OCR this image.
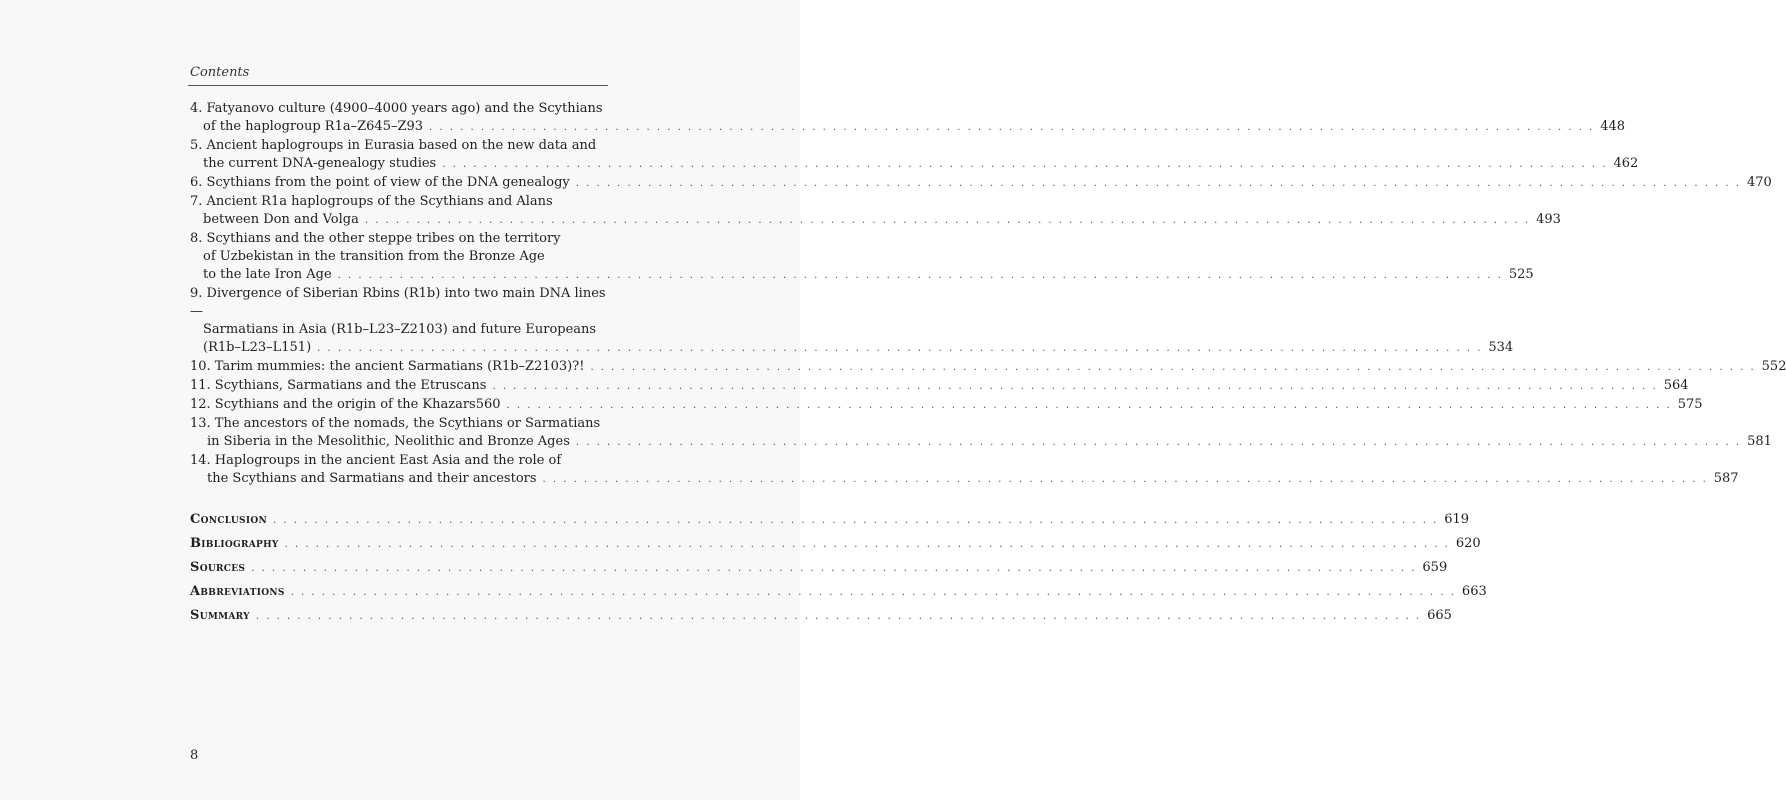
Contents
4. Fatyanovo culture (4900–4000 years ago) and the Scythians
of the haplogroup R1a–Z645–Z93 . . .	448
5. Ancient haplogroups in Eurasia based on the new data and
the current DNA-genealogy studies . . .	462
6. Scythians from the point of view of the DNA genealogy . . .	470
7. Ancient R1a haplogroups of the Scythians and Alans
between Don and Volga . . .	493
8. Scythians and the other steppe tribes on the territory
of Uzbekistan in the transition from the Bronze Age
to the late Iron Age . . .	525
9. Divergence of Siberian Rbins (R1b) into two main DNA lines—
Sarmatians in Asia (R1b–L23–Z2103) and future Europeans
(R1b–L23–L151) . . .	534
10. Tarim mummies: the ancient Sarmatians (R1b–Z2103)?! . . .	552
11. Scythians, Sarmatians and the Etruscans . . .	564
12. Scythians and the origin of the Khazars560 . . .	575
13. The ancestors of the nomads, the Scythians or Sarmatians
in Siberia in the Mesolithic, Neolithic and Bronze Ages . . .	581
14. Haplogroups in the ancient East Asia and the role of
the Scythians and Sarmatians and their ancestors . . .	587
Conclusion . . .	619
Bibliography . . .	620
Sources . . .	659
Abbreviations . . .	663
Summary . . .	665
8
